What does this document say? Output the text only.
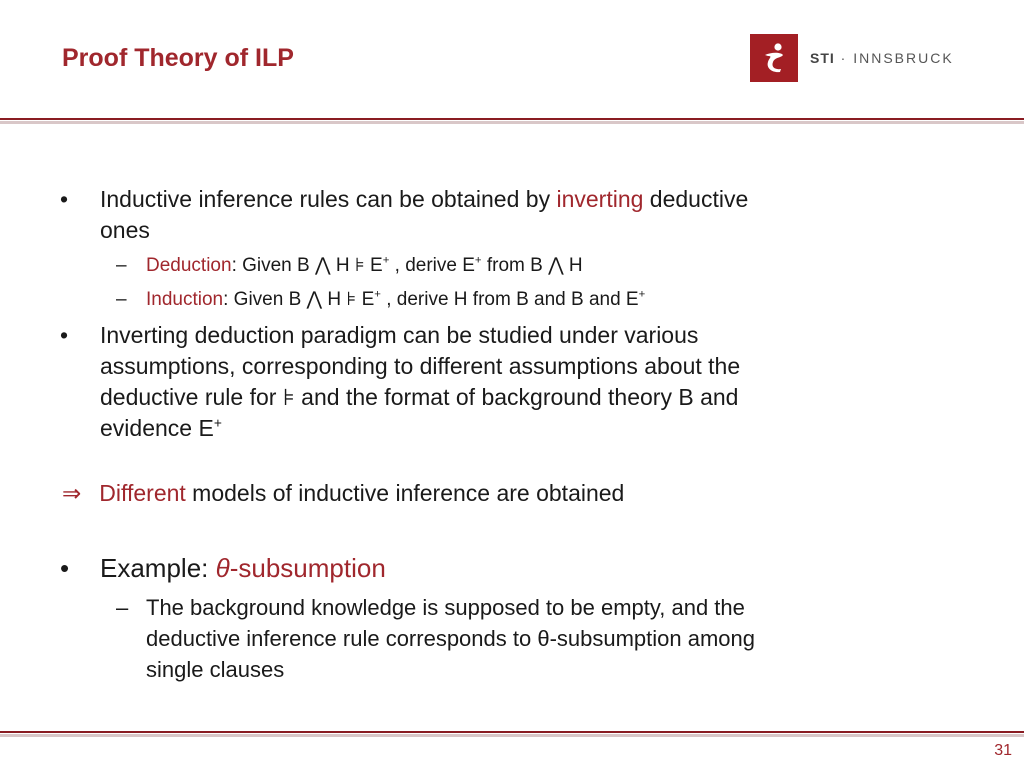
Proof Theory of ILP	STI · INNSBRUCK

• Inductive inference rules can be obtained by inverting deductive
ones

– Deduction: Given B ⋀ H ⊧ E+ , derive E+ from B ⋀ H

– Induction: Given B ⋀ H ⊧ E+ , derive H from B and B and E+

• Inverting deduction paradigm can be studied under various
assumptions, corresponding to different assumptions about the
deductive rule for ⊧ and the format of background theory B and
evidence E+

⇒ Different models of inductive inference are obtained

• Example: θ-subsumption

– The background knowledge is supposed to be empty, and the
deductive inference rule corresponds to θ-subsumption among
single clauses

31
